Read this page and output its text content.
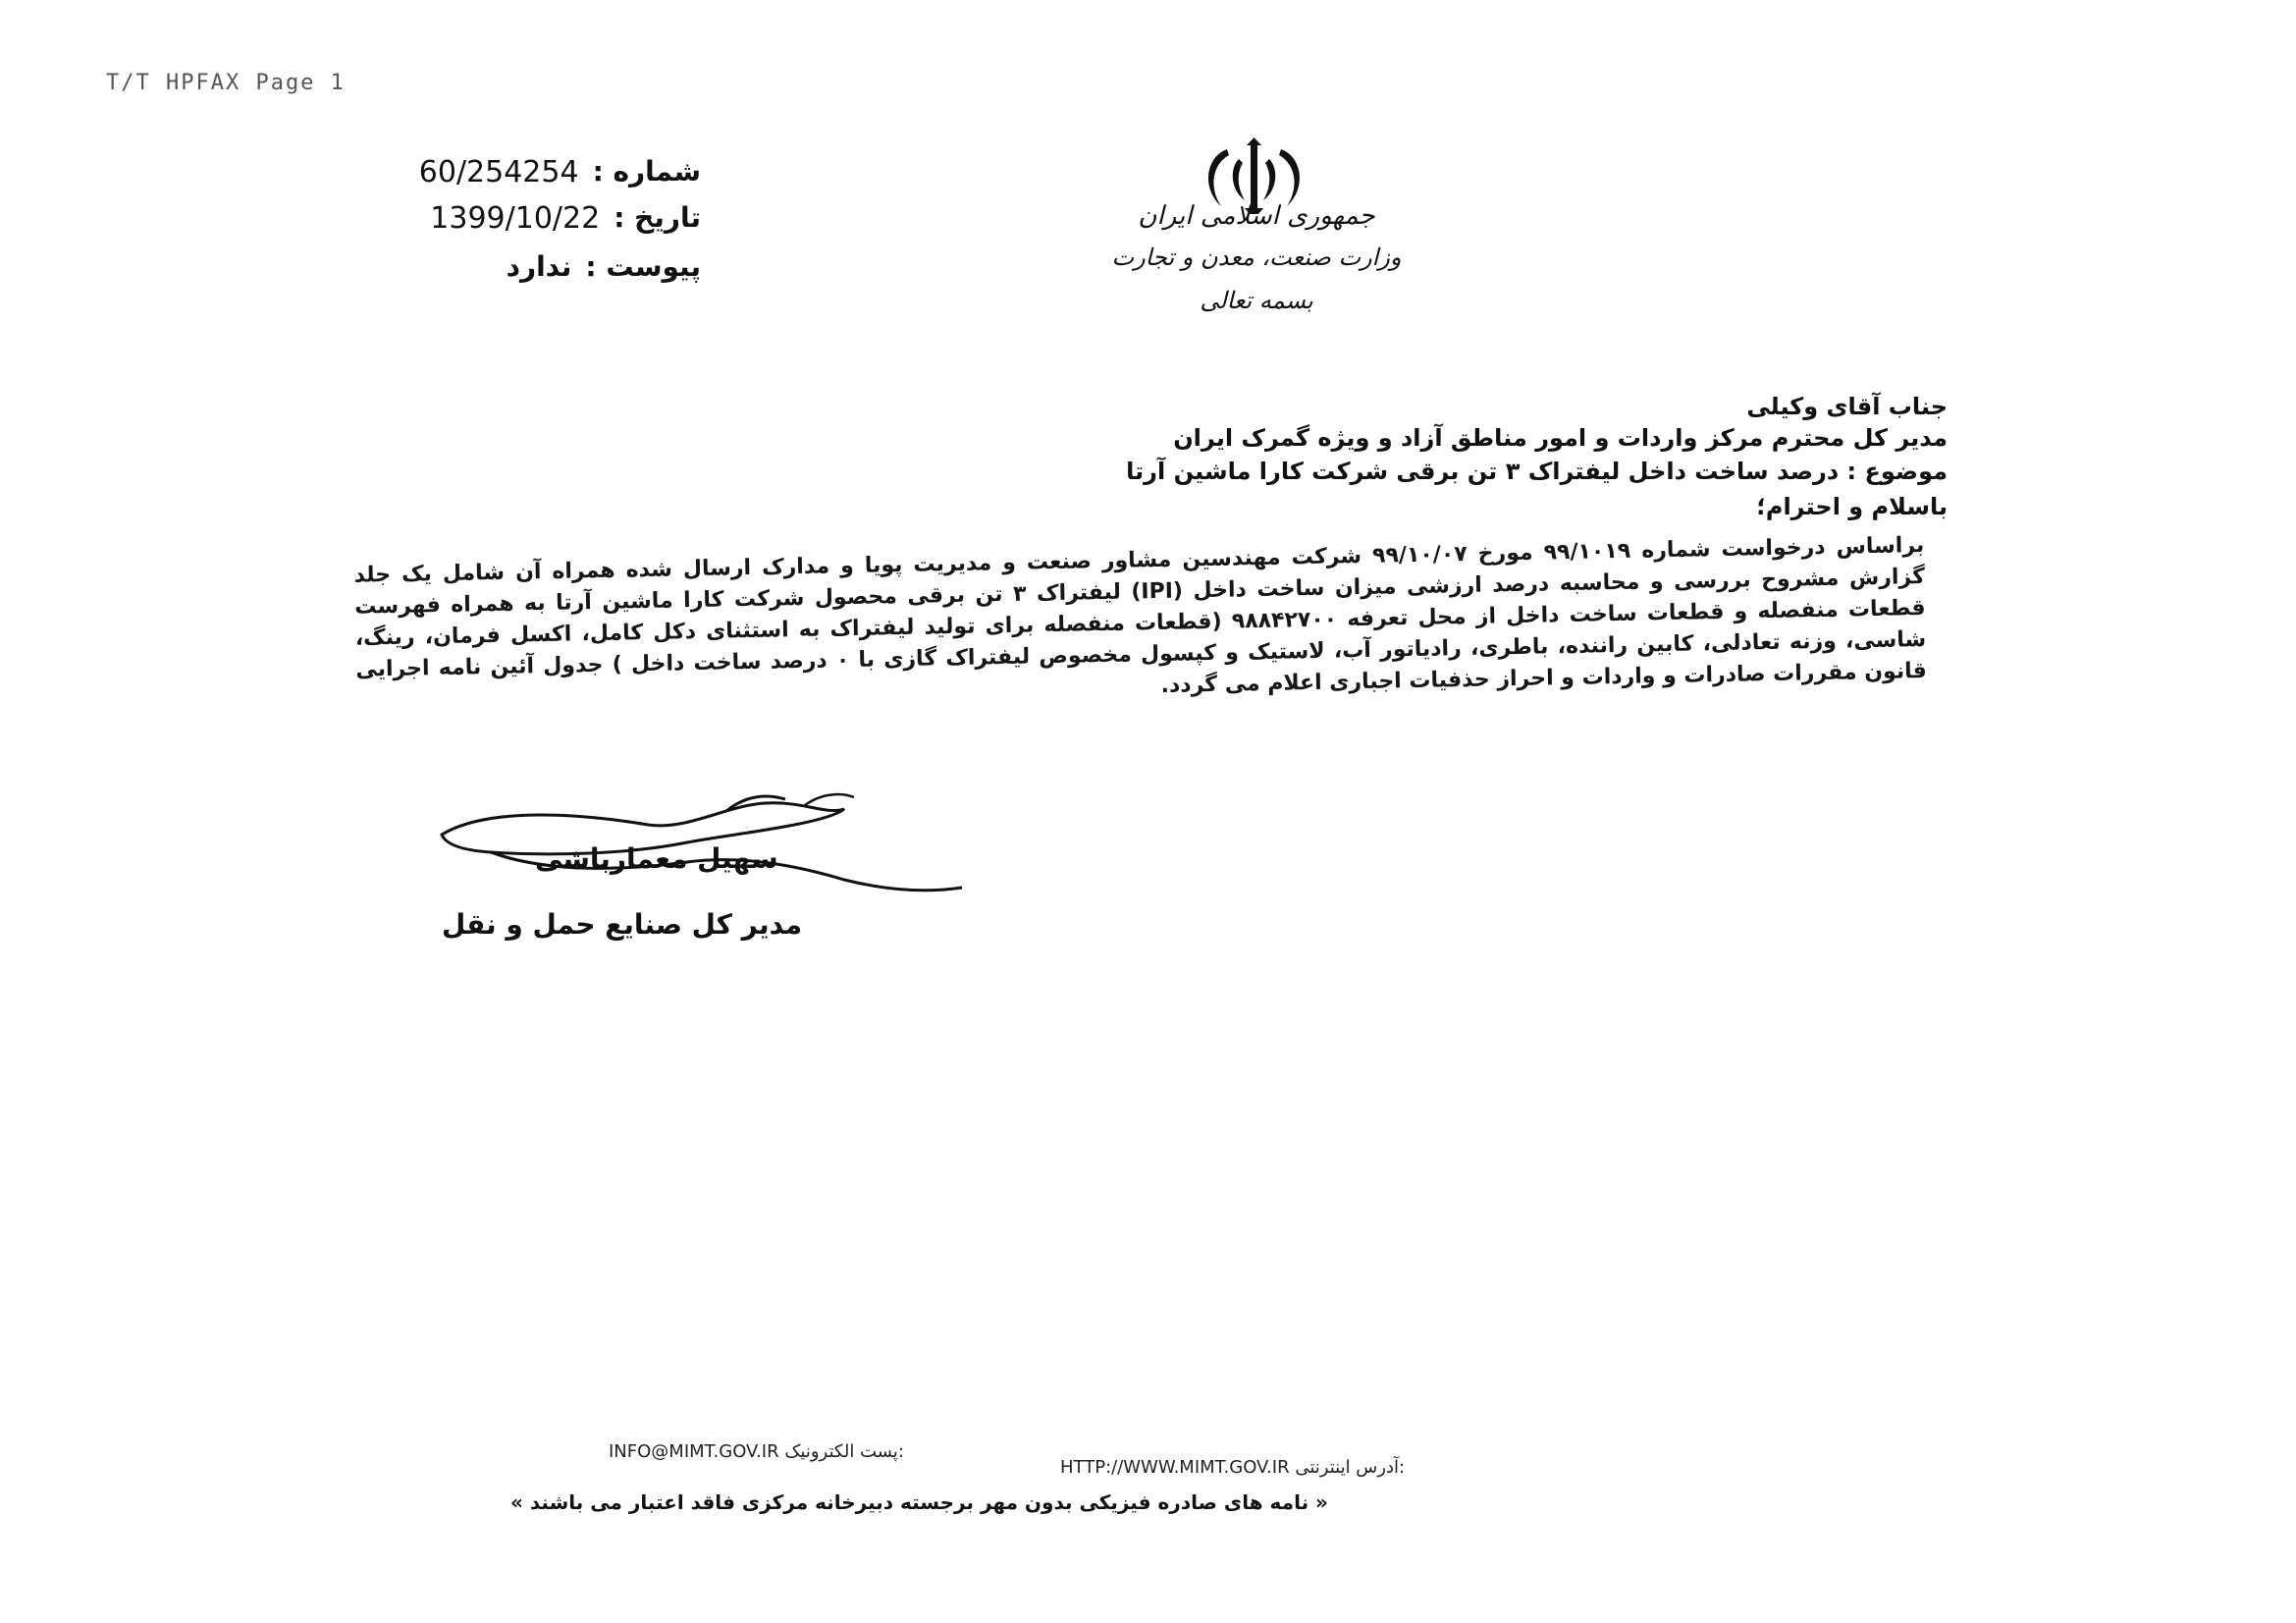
T/T HPFAX Page 1
شماره :
60/254254
تاریخ :
1399/10/22
پیوست :
ندارد
جمهوری اسلامی ایران
وزارت صنعت، معدن و تجارت
بسمه تعالی
جناب آقای وکیلی
مدیر کل محترم مرکز واردات و امور مناطق آزاد و ویژه گمرک ایران
موضوع : درصد ساخت داخل لیفتراک ۳ تن برقی شرکت کارا ماشین آرتا
باسلام و احترام؛
براساس درخواست شماره ۹۹/۱۰۱۹ مورخ ۹۹/۱۰/۰۷ شرکت مهندسین مشاور صنعت و مدیریت پویا و مدارک ارسال شده همراه آن شامل یک جلد گزارش مشروح بررسی و محاسبه درصد ارزشی میزان ساخت داخل (IPI) لیفتراک ۳ تن برقی محصول شرکت کارا ماشین آرتا به همراه فهرست قطعات منفصله و قطعات ساخت داخل از محل تعرفه ۹۸۸۴۲۷۰۰ (قطعات منفصله برای تولید لیفتراک به استثنای دکل کامل، اکسل فرمان، رینگ، شاسی، وزنه تعادلی، کابین راننده، باطری، رادیاتور آب، لاستیک و کپسول مخصوص لیفتراک گازی با ۰ درصد ساخت داخل ) جدول آئین نامه اجرایی قانون مقررات صادرات و واردات و احراز حذفیات اجباری اعلام می گردد.
سهیل معمارباشی
مدیر کل صنایع حمل و نقل
INFO@MIMT.GOV.IR پست الکترونیک:
HTTP://WWW.MIMT.GOV.IR آدرس اینترنتی:
« نامه های صادره فیزیکی بدون مهر برجسته دبیرخانه مرکزی فاقد اعتبار می باشند »
